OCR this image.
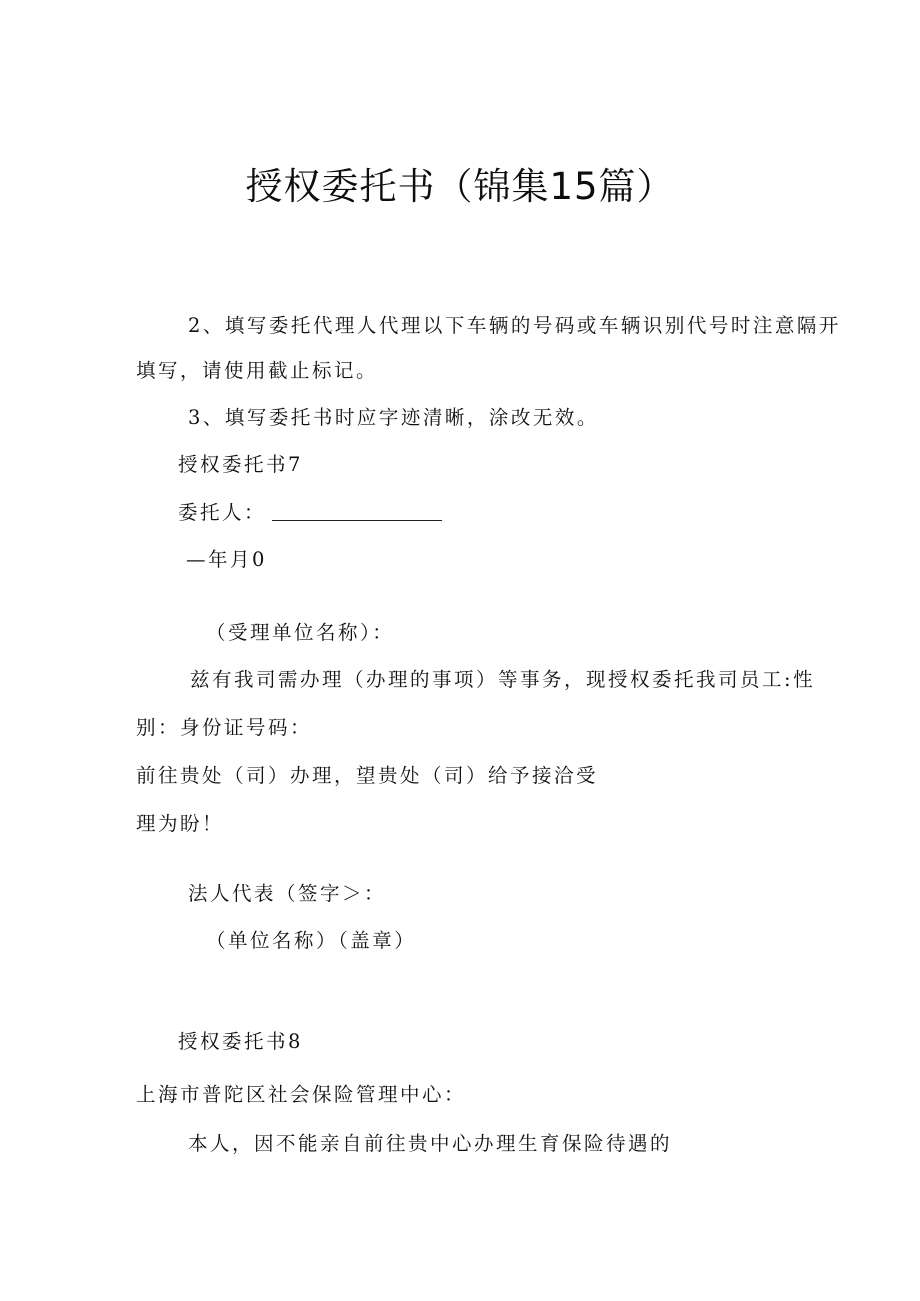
授权委托书（锦集15篇）
2、填写委托代理人代理以下车辆的号码或车辆识别代号时注意隔开
填写，请使用截止标记。
3、填写委托书时应字迹清晰，涂改无效。
授权委托书7
委托人：
—年月0
（受理单位名称）：
兹有我司需办理（办理的事项）等事务，现授权委托我司员工:性
别：身份证号码：
前往贵处（司）办理，望贵处（司）给予接洽受
理为盼！
法人代表（签字＞：
（单位名称）（盖章）
授权委托书8
上海市普陀区社会保险管理中心：
本人，因不能亲自前往贵中心办理生育保险待遇的
